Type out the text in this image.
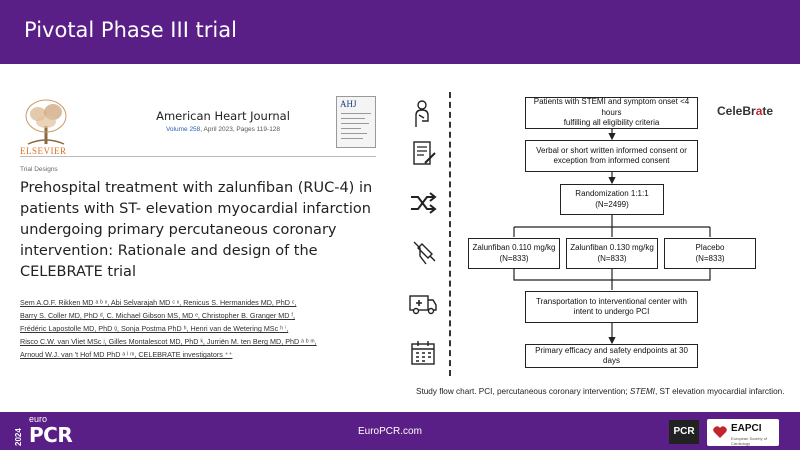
Pivotal Phase III trial
ELSEVIER
American Heart Journal
Volume 258, April 2023, Pages 119-128
AHJ
Trial Designs
Prehospital treatment with zalunfiban (RUC-4) in patients with ST- elevation myocardial infarction undergoing primary percutaneous coronary intervention: Rationale and design of the CELEBRATE trial
Sem A.O.F. Rikken MD ᵃ ᵇ ˣ, Abi Selvarajah MD ᶜ ˣ, Renicus S. Hermanides MD, PhD ᶜ,
Barry S. Coller MD, PhD ᵈ, C. Michael Gibson MS, MD ᵉ, Christopher B. Granger MD ᶠ,
Frédéric Lapostolle MD, PhD ᵍ, Sonja Postma PhD ʰ, Henri van de Wetering MSc ʰ ⁱ,
Risco C.W. van Vliet MSc ʲ, Gilles Montalescot MD, PhD ᵏ, Jurriën M. ten Berg MD, PhD ᵃ ᵇ ᵐ,
Arnoud W.J. van 't Hof MD PhD ᵃ ˡ ᵐ, CELEBRATE investigators ⁺⁺
Patients with STEMI and symptom onset <4 hours
fulfilling all eligibility criteria
Verbal or short written informed consent or
exception from informed consent
Randomization 1:1:1
(N=2499)
Zalunfiban 0.110 mg/kg
(N=833)
Zalunfiban 0.130 mg/kg
(N=833)
Placebo
(N=833)
Transportation to interventional center with
intent to undergo PCI
Primary efficacy and safety endpoints at 30 days
CeleBrate
Study flow chart. PCI, percutaneous coronary intervention; STEMI, ST elevation myocardial infarction.
2024
euro
PCR	EuroPCR.com	PCR	EAPCI
European Society of Cardiology
